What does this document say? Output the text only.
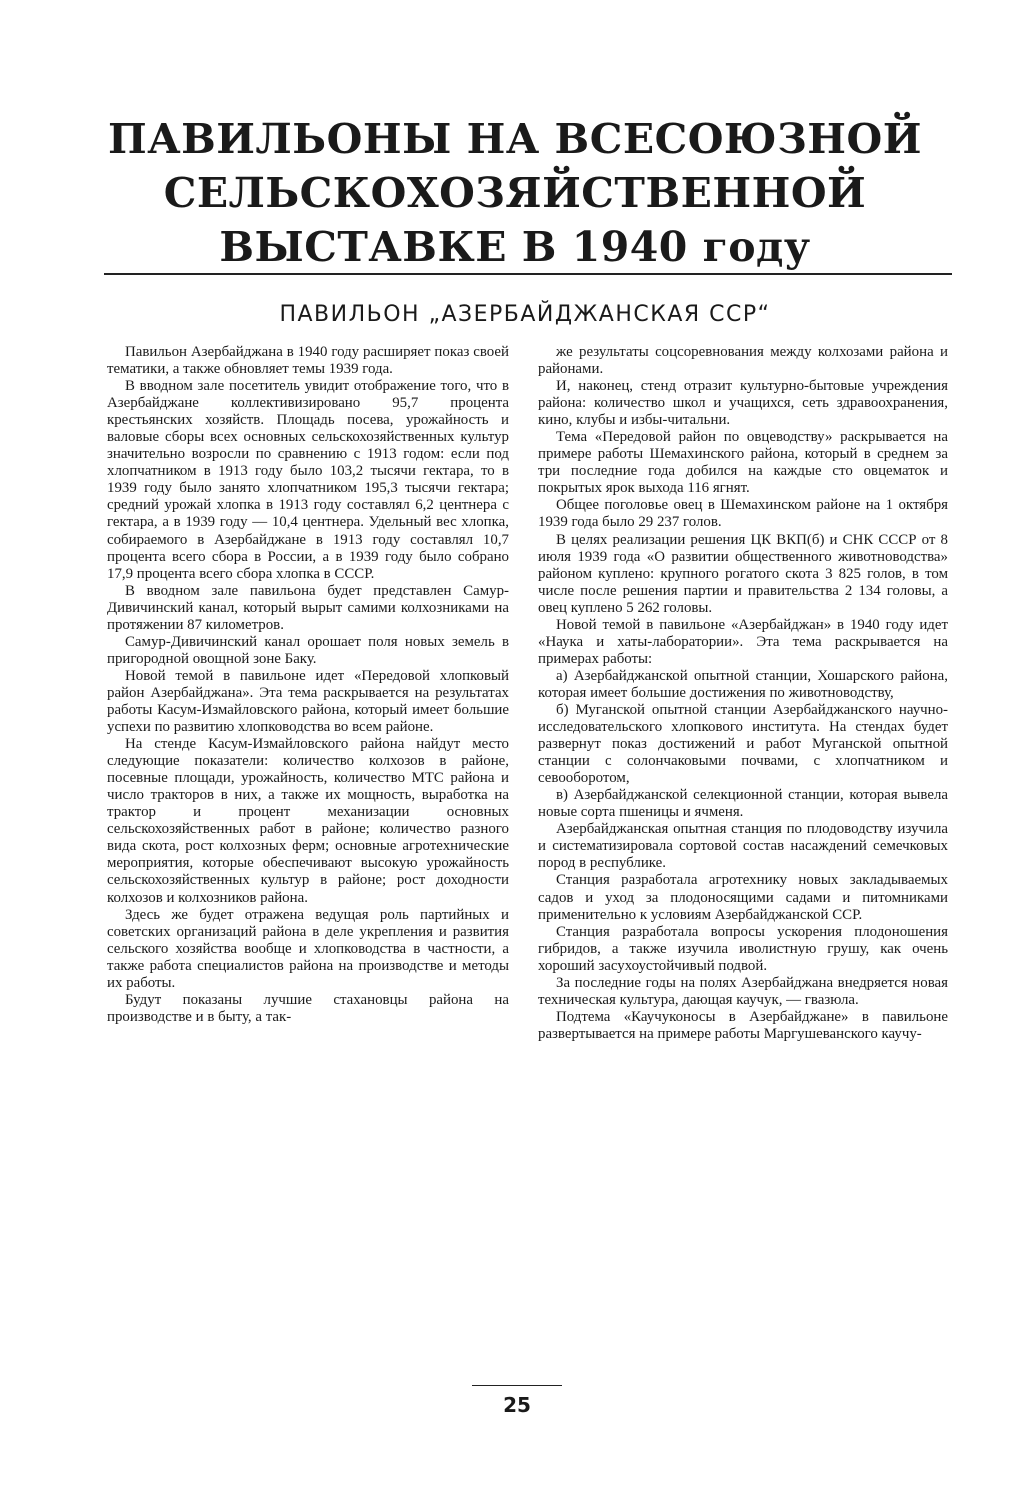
ПАВИЛЬОНЫ НА ВСЕСОЮЗНОЙ
СЕЛЬСКОХОЗЯЙСТВЕННОЙ
ВЫСТАВКЕ В 1940 году
ПАВИЛЬОН „АЗЕРБАЙДЖАНСКАЯ ССР“

Павильон Азербайджана в 1940 году расширяет показ своей тематики, а также обновляет темы 1939 года.

В вводном зале посетитель увидит отображение того, что в Азербайджане коллективизировано 95,7 процента крестьянских хозяйств. Площадь посева, урожайность и валовые сборы всех основных сельскохозяйственных культур значительно возросли по сравнению с 1913 годом: если под хлопчатником в 1913 году было 103,2 тысячи гектара, то в 1939 году было занято хлопчатником 195,3 тысячи гектара; средний урожай хлопка в 1913 году составлял 6,2 центнера с гектара, а в 1939 году — 10,4 центнера. Удельный вес хлопка, собираемого в Азербайджане в 1913 году составлял 10,7 процента всего сбора в России, а в 1939 году было собрано 17,9 процента всего сбора хлопка в СССР.

В вводном зале павильона будет представлен Самур-Дивичинский канал, который вырыт самими колхозниками на протяжении 87 километров.

Самур-Дивичинский канал орошает поля новых земель в пригородной овощной зоне Баку.

Новой темой в павильоне идет «Передовой хлопковый район Азербайджана». Эта тема раскрывается на результатах работы Касум-Измайловского района, который имеет большие успехи по развитию хлопководства во всем районе.

На стенде Касум-Измайловского района найдут место следующие показатели: количество колхозов в районе, посевные площади, урожайность, количество МТС района и число тракторов в них, а также их мощность, выработка на трактор и процент механизации основных сельскохозяйственных работ в районе; количество разного вида скота, рост колхозных ферм; основные агротехнические мероприятия, которые обеспечивают высокую урожайность сельскохозяйственных культур в районе; рост доходности колхозов и колхозников района.

Здесь же будет отражена ведущая роль партийных и советских организаций района в деле укрепления и развития сельского хозяйства вообще и хлопководства в частности, а также работа специалистов района на производстве и методы их работы.

Будут показаны лучшие стахановцы района на производстве и в быту, а так-

же результаты соцсоревнования между колхозами района и районами.

И, наконец, стенд отразит культурно-бытовые учреждения района: количество школ и учащихся, сеть здравоохранения, кино, клубы и избы-читальни.

Тема «Передовой район по овцеводству» раскрывается на примере работы Шемахинского района, который в среднем за три последние года добился на каждые сто овцематок и покрытых ярок выхода 116 ягнят.

Общее поголовье овец в Шемахинском районе на 1 октября 1939 года было 29 237 голов.

В целях реализации решения ЦК ВКП(б) и СНК СССР от 8 июля 1939 года «О развитии общественного животноводства» районом куплено: крупного рогатого скота 3 825 голов, в том числе после решения партии и правительства 2 134 головы, а овец куплено 5 262 головы.

Новой темой в павильоне «Азербайджан» в 1940 году идет «Наука и хаты-лаборатории». Эта тема раскрывается на примерах работы:

а) Азербайджанской опытной станции, Хошарского района, которая имеет большие достижения по животноводству,

б) Муганской опытной станции Азербайджанского научно-исследовательского хлопкового института. На стендах будет развернут показ достижений и работ Муганской опытной станции с солончаковыми почвами, с хлопчатником и севооборотом,

в) Азербайджанской селекционной станции, которая вывела новые сорта пшеницы и ячменя.

Азербайджанская опытная станция по плодоводству изучила и систематизировала сортовой состав насаждений семечковых пород в республике.

Станция разработала агротехнику новых закладываемых садов и уход за плодоносящими садами и питомниками применительно к условиям Азербайджанской ССР.

Станция разработала вопросы ускорения плодоношения гибридов, а также изучила иволистную грушу, как очень хороший засухоустойчивый подвой.

За последние годы на полях Азербайджана внедряется новая техническая культура, дающая каучук, — гвазюла.

Подтема «Каучуконосы в Азербайджане» в павильоне развертывается на примере работы Маргушеванского каучу-

25
